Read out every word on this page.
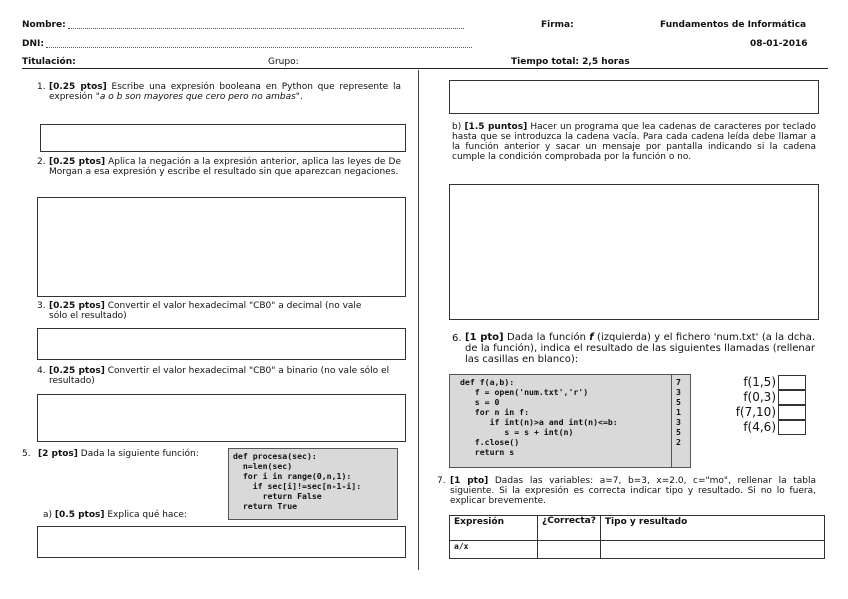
Nombre:	Firma:	Fundamentos de Informática
DNI:	08-01-2016
Titulación:	Grupo:	Tiempo total: 2,5 horas
1. [0.25 ptos] Escribe una expresión booleana en Python que represente la expresión "a o b son mayores que cero pero no ambas".
2. [0.25 ptos] Aplica la negación a la expresión anterior, aplica las leyes de De Morgan a esa expresión y escribe el resultado sin que aparezcan negaciones.
3. [0.25 ptos] Convertir el valor hexadecimal "CB0" a decimal (no vale sólo el resultado)
4. [0.25 ptos] Convertir el valor hexadecimal "CB0" a binario (no vale sólo el resultado)
5. [2 ptos] Dada la siguiente función:	def procesa(sec):
n=len(sec)
for i in range(0,n,1):
if sec[i]!=sec[n-1-i]:
return False
return True
a) [0.5 ptos] Explica qué hace:
b) [1.5 puntos] Hacer un programa que lea cadenas de caracteres por teclado hasta que se introduzca la cadena vacía. Para cada cadena leída debe llamar a la función anterior y sacar un mensaje por pantalla indicando si la cadena cumple la condición comprobada por la función o no.
6. [1 pto] Dada la función f (izquierda) y el fichero 'num.txt' (a la dcha. de la función), indica el resultado de las siguientes llamadas (rellenar las casillas en blanco):

def f(a,b):
f = open('num.txt','r')
s = 0
for n in f:
if int(n)>a and int(n)<=b:
s = s + int(n)
f.close()
return s

7
3
5
1
3
5
2

f(1,5)
f(0,3)
f(7,10)
f(4,6)
7. [1 pto] Dadas las variables: a=7, b=3, x=2.0, c="mo", rellenar la tabla siguiente. Si la expresión es correcta indicar tipo y resultado. Si no lo fuera, explicar brevemente.
Expresión	¿Correcta?	Tipo y resultado
a/x		
